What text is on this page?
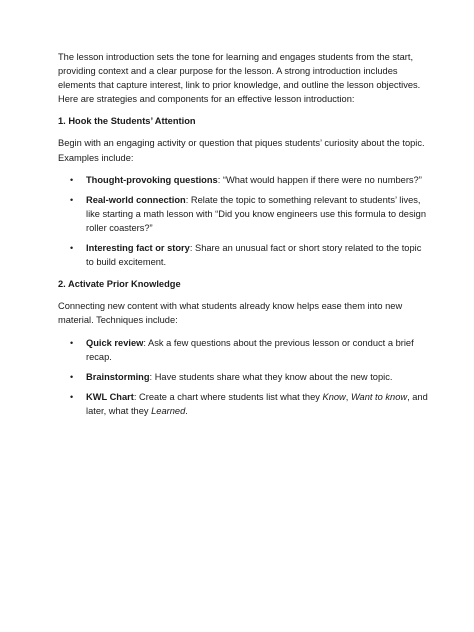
The lesson introduction sets the tone for learning and engages students from the start, providing context and a clear purpose for the lesson. A strong introduction includes elements that capture interest, link to prior knowledge, and outline the lesson objectives. Here are strategies and components for an effective lesson introduction:

1. Hook the Students’ Attention

Begin with an engaging activity or question that piques students’ curiosity about the topic. Examples include:

• Thought-provoking questions: “What would happen if there were no numbers?”
• Real-world connection: Relate the topic to something relevant to students’ lives, like starting a math lesson with “Did you know engineers use this formula to design roller coasters?”
• Interesting fact or story: Share an unusual fact or short story related to the topic to build excitement.

2. Activate Prior Knowledge

Connecting new content with what students already know helps ease them into new material. Techniques include:

• Quick review: Ask a few questions about the previous lesson or conduct a brief recap.
• Brainstorming: Have students share what they know about the new topic.
• KWL Chart: Create a chart where students list what they Know, Want to know, and later, what they Learned.
